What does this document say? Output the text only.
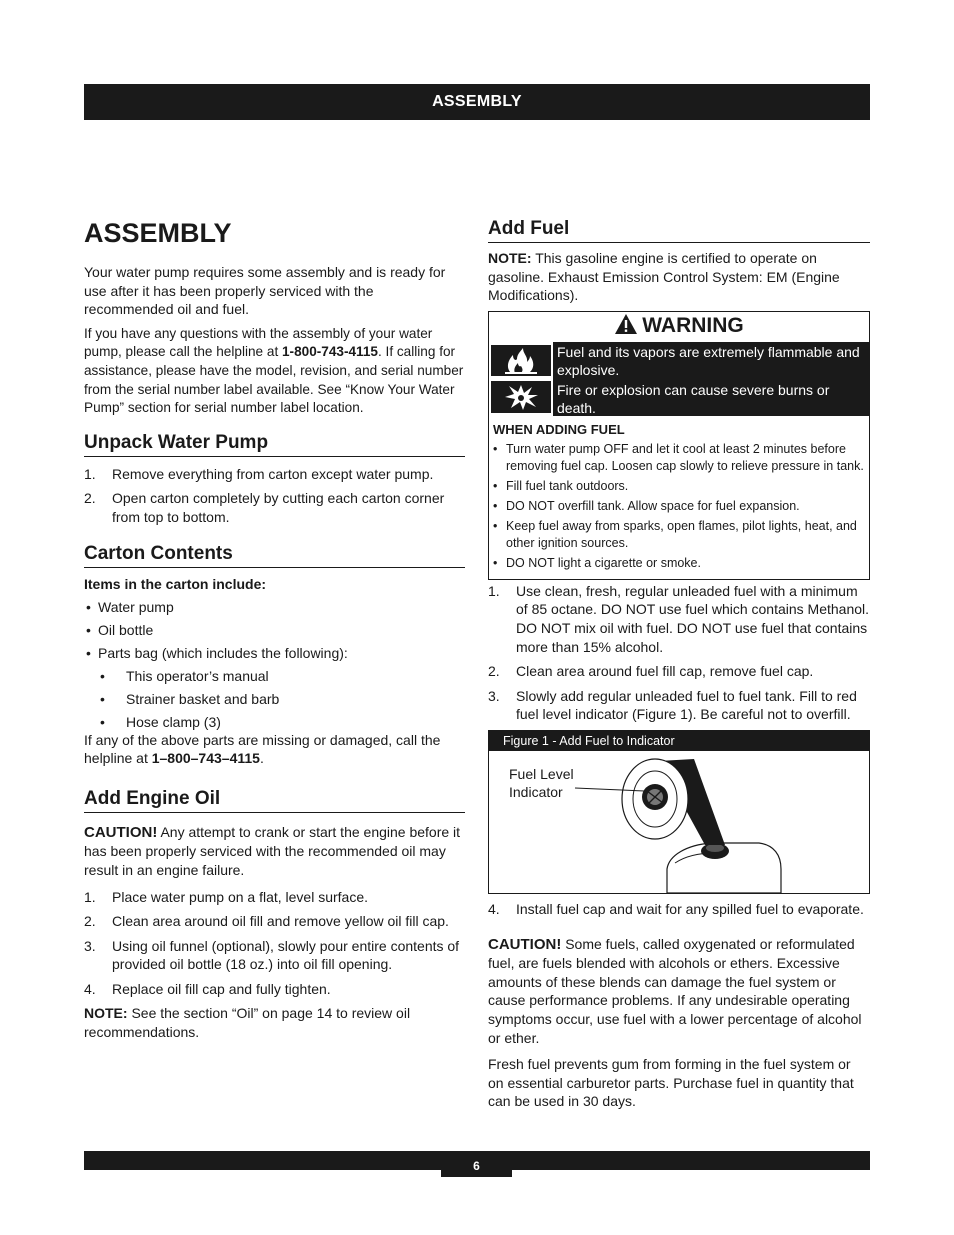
ASSEMBLY
ASSEMBLY

Your water pump requires some assembly and is ready for use after it has been properly serviced with the recommended oil and fuel.

If you have any questions with the assembly of your water pump, please call the helpline at 1-800-743-4115. If calling for assistance, please have the model, revision, and serial number from the serial number label available. See “Know Your Water Pump” section for serial number label location.

Unpack Water Pump
1. Remove everything from carton except water pump.
2. Open carton completely by cutting each carton corner from top to bottom.
Carton Contents
Items in the carton include:
• Water pump
• Oil bottle
• Parts bag (which includes the following):
• This operator’s manual
• Strainer basket and barb
• Hose clamp (3)

If any of the above parts are missing or damaged, call the helpline at 1–800–743–4115.

Add Engine Oil

CAUTION! Any attempt to crank or start the engine before it has been properly serviced with the recommended oil may result in an engine failure.

1. Place water pump on a flat, level surface.
2. Clean area around oil fill and remove yellow oil fill cap.
3. Using oil funnel (optional), slowly pour entire contents of provided oil bottle (18 oz.) into oil fill opening.
4. Replace oil fill cap and fully tighten.

NOTE: See the section “Oil” on page 14 to review oil recommendations.

Add Fuel

NOTE: This gasoline engine is certified to operate on gasoline. Exhaust Emission Control System: EM (Engine Modifications).

WARNING
Fuel and its vapors are extremely flammable and explosive.
Fire or explosion can cause severe burns or death.
WHEN ADDING FUEL
• Turn water pump OFF and let it cool at least 2 minutes before removing fuel cap. Loosen cap slowly to relieve pressure in tank.
• Fill fuel tank outdoors.
• DO NOT overfill tank. Allow space for fuel expansion.
• Keep fuel away from sparks, open flames, pilot lights, heat, and other ignition sources.
• DO NOT light a cigarette or smoke.
1. Use clean, fresh, regular unleaded fuel with a minimum of 85 octane. DO NOT use fuel which contains Methanol. DO NOT mix oil with fuel. DO NOT use fuel that contains more than 15% alcohol.
2. Clean area around fuel fill cap, remove fuel cap.
3. Slowly add regular unleaded fuel to fuel tank. Fill to red fuel level indicator (Figure 1). Be careful not to overfill.
Figure 1 - Add Fuel to Indicator
Fuel Level
Indicator
4. Install fuel cap and wait for any spilled fuel to evaporate.

CAUTION! Some fuels, called oxygenated or reformulated fuel, are fuels blended with alcohols or ethers. Excessive amounts of these blends can damage the fuel system or cause performance problems. If any undesirable operating symptoms occur, use fuel with a lower percentage of alcohol or ether.

Fresh fuel prevents gum from forming in the fuel system or on essential carburetor parts. Purchase fuel in quantity that can be used in 30 days.

6
